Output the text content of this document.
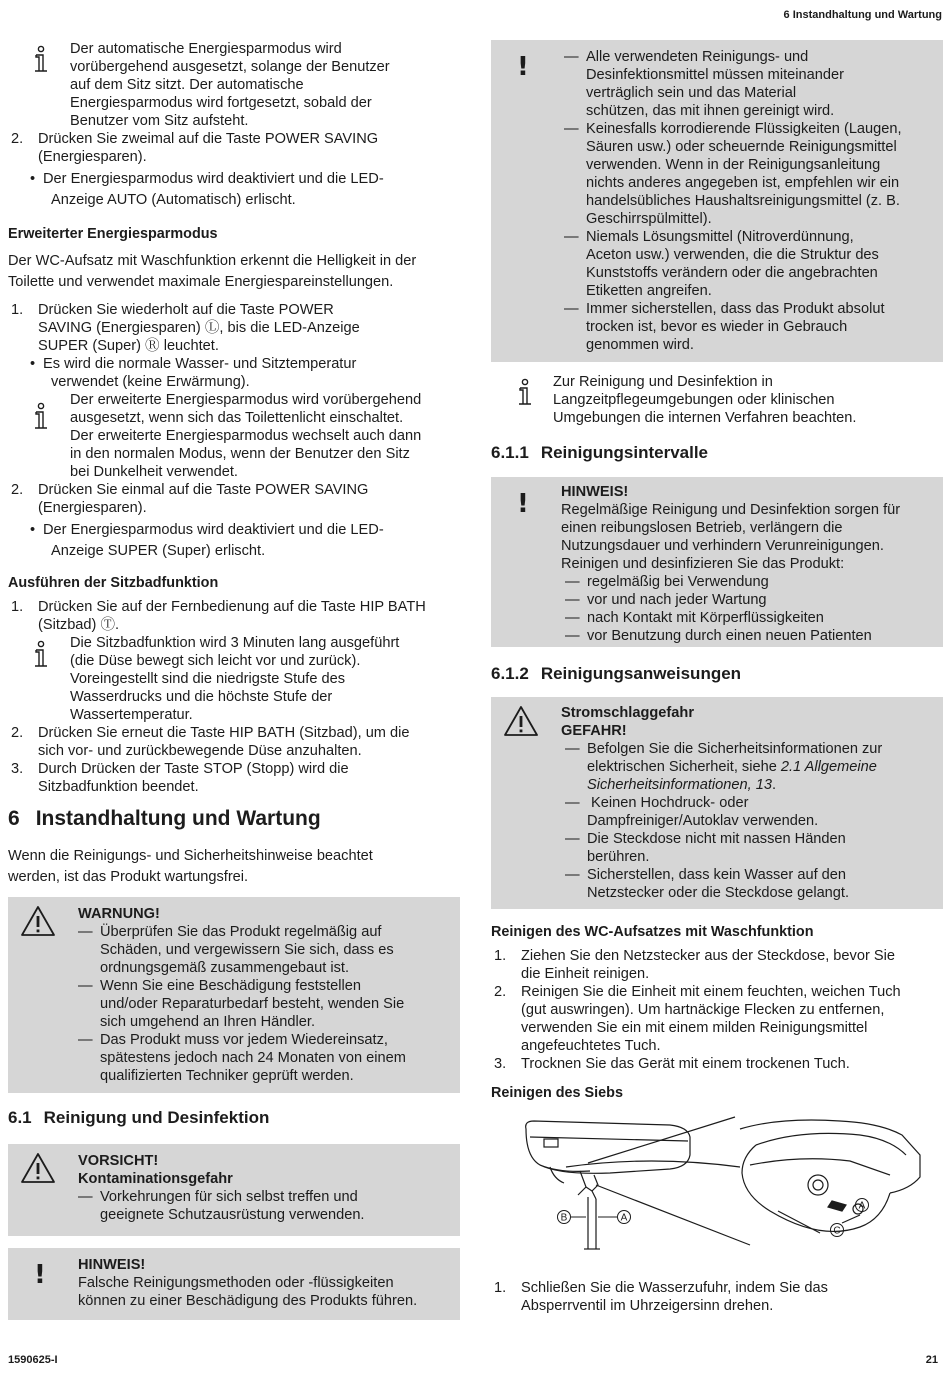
6 Instandhaltung und Wartung
Der automatische Energiesparmodus wird
vorübergehend ausgesetzt, solange der Benutzer
auf dem Sitz sitzt. Der automatische
Energiesparmodus wird fortgesetzt, sobald der
Benutzer vom Sitz aufsteht.
2. Drücken Sie zweimal auf die Taste POWER SAVING
(Energiesparen).
• Der Energiesparmodus wird deaktiviert und die LED-
Anzeige AUTO (Automatisch) erlischt.
Erweiterter Energiesparmodus
Der WC-Aufsatz mit Waschfunktion erkennt die Helligkeit in der
Toilette und verwendet maximale Energiespareinstellungen.
1. Drücken Sie wiederholt auf die Taste POWER
SAVING (Energiesparen) Ⓛ, bis die LED-Anzeige
SUPER (Super) Ⓡ leuchtet.
• Es wird die normale Wasser- und Sitztemperatur
verwendet (keine Erwärmung).
Der erweiterte Energiesparmodus wird vorübergehend
ausgesetzt, wenn sich das Toilettenlicht einschaltet.
Der erweiterte Energiesparmodus wechselt auch dann
in den normalen Modus, wenn der Benutzer den Sitz
bei Dunkelheit verwendet.
2. Drücken Sie einmal auf die Taste POWER SAVING
(Energiesparen).
• Der Energiesparmodus wird deaktiviert und die LED-
Anzeige SUPER (Super) erlischt.
Ausführen der Sitzbadfunktion
1. Drücken Sie auf der Fernbedienung auf die Taste HIP BATH
(Sitzbad) Ⓣ.
Die Sitzbadfunktion wird 3 Minuten lang ausgeführt
(die Düse bewegt sich leicht vor und zurück).
Voreingestellt sind die niedrigste Stufe des
Wasserdrucks und die höchste Stufe der
Wassertemperatur.
2. Drücken Sie erneut die Taste HIP BATH (Sitzbad), um die
sich vor- und zurückbewegende Düse anzuhalten.
3. Durch Drücken der Taste STOP (Stopp) wird die
Sitzbadfunktion beendet.
6 Instandhaltung und Wartung
Wenn die Reinigungs- und Sicherheitshinweise beachtet
werden, ist das Produkt wartungsfrei.
WARNUNG!
— Überprüfen Sie das Produkt regelmäßig auf
Schäden, und vergewissern Sie sich, dass es
ordnungsgemäß zusammengebaut ist.
— Wenn Sie eine Beschädigung feststellen
und/oder Reparaturbedarf besteht, wenden Sie
sich umgehend an Ihren Händler.
— Das Produkt muss vor jedem Wiedereinsatz,
spätestens jedoch nach 24 Monaten von einem
qualifizierten Techniker geprüft werden.
6.1 Reinigung und Desinfektion
VORSICHT!
Kontaminationsgefahr
— Vorkehrungen für sich selbst treffen und
geeignete Schutzausrüstung verwenden.
! HINWEIS!
Falsche Reinigungsmethoden oder -flüssigkeiten
können zu einer Beschädigung des Produkts führen.
! — Alle verwendeten Reinigungs- und
Desinfektionsmittel müssen miteinander
verträglich sein und das Material
schützen, das mit ihnen gereinigt wird.
— Keinesfalls korrodierende Flüssigkeiten (Laugen,
Säuren usw.) oder scheuernde Reinigungsmittel
verwenden. Wenn in der Reinigungsanleitung
nichts anderes angegeben ist, empfehlen wir ein
handelsübliches Haushaltsreinigungsmittel (z. B.
Geschirrspülmittel).
— Niemals Lösungsmittel (Nitroverdünnung,
Aceton usw.) verwenden, die die Struktur des
Kunststoffs verändern oder die angebrachten
Etiketten angreifen.
— Immer sicherstellen, dass das Produkt absolut
trocken ist, bevor es wieder in Gebrauch
genommen wird.
Zur Reinigung und Desinfektion in
Langzeitpflegeumgebungen oder klinischen
Umgebungen die internen Verfahren beachten.
6.1.1 Reinigungsintervalle
! HINWEIS!
Regelmäßige Reinigung und Desinfektion sorgen für
einen reibungslosen Betrieb, verlängern die
Nutzungsdauer und verhindern Verunreinigungen.
Reinigen und desinfizieren Sie das Produkt:
— regelmäßig bei Verwendung
— vor und nach jeder Wartung
— nach Kontakt mit Körperflüssigkeiten
— vor Benutzung durch einen neuen Patienten
6.1.2 Reinigungsanweisungen
Stromschlaggefahr
GEFAHR!
— Befolgen Sie die Sicherheitsinformationen zur
elektrischen Sicherheit, siehe 2.1 Allgemeine
Sicherheitsinformationen, 13.
— Keinen Hochdruck- oder
Dampfreiniger/Autoklav verwenden.
— Die Steckdose nicht mit nassen Händen
berühren.
— Sicherstellen, dass kein Wasser auf den
Netzstecker oder die Steckdose gelangt.
Reinigen des WC-Aufsatzes mit Waschfunktion
1. Ziehen Sie den Netzstecker aus der Steckdose, bevor Sie
die Einheit reinigen.
2. Reinigen Sie die Einheit mit einem feuchten, weichen Tuch
(gut auswringen). Um hartnäckige Flecken zu entfernen,
verwenden Sie ein mit einem milden Reinigungsmittel
angefeuchtetes Tuch.
3. Trocknen Sie das Gerät mit einem trockenen Tuch.
Reinigen des Siebs
B	A
C
A
1. Schließen Sie die Wasserzufuhr, indem Sie das
Absperrventil im Uhrzeigersinn drehen.
1590625-I	21
